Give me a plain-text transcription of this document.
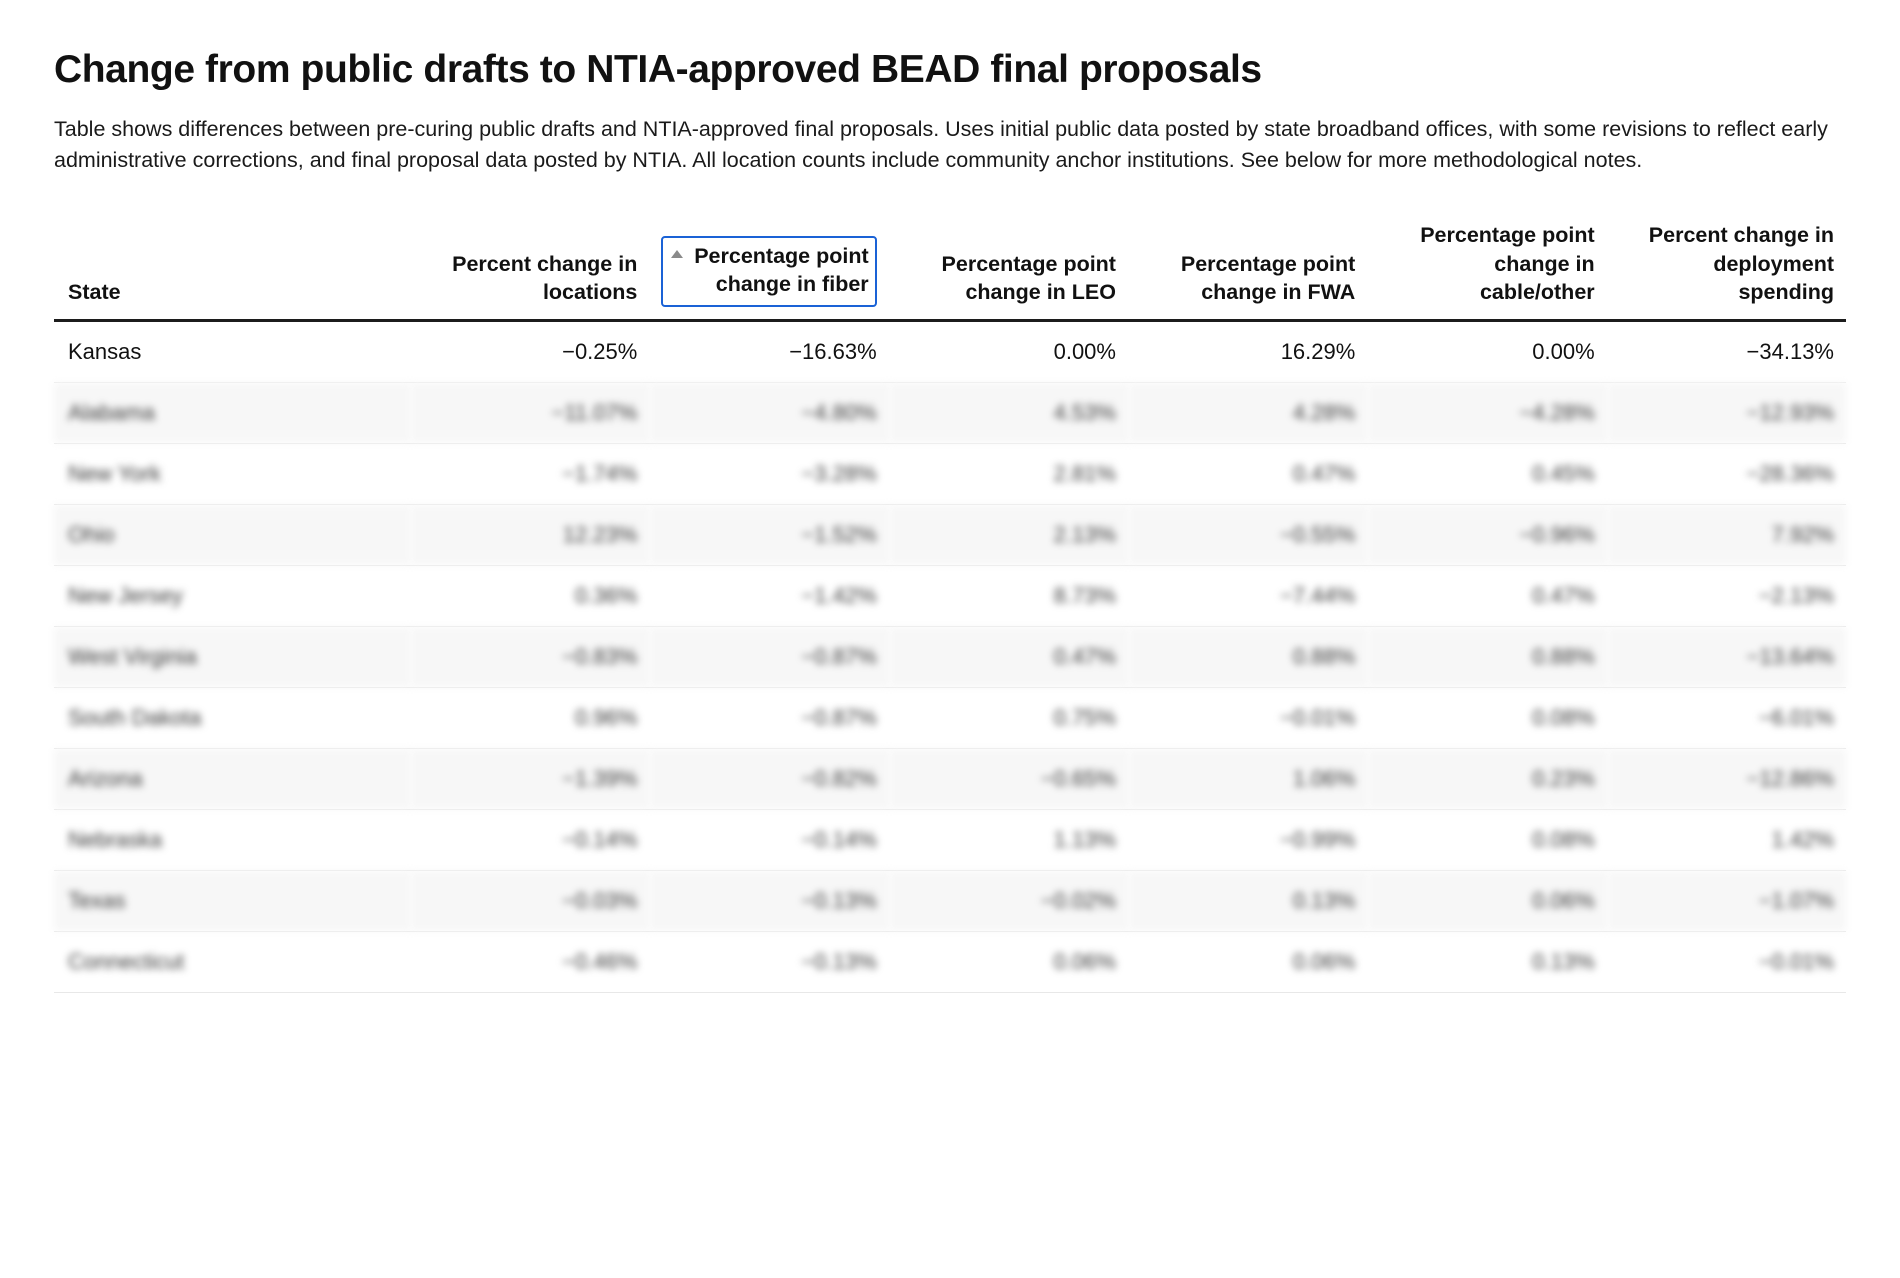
Change from public drafts to NTIA-approved BEAD final proposals

Table shows differences between pre-curing public drafts and NTIA-approved final proposals. Uses initial public data posted by state broadband offices, with some revisions to reflect early administrative corrections, and final proposal data posted by NTIA. All location counts include community anchor institutions. See below for more methodological notes.

State	Percent change in locations	Percentage point change in fiber	Percentage point change in LEO	Percentage point change in FWA	Percentage point change in cable/other	Percent change in deployment spending
Kansas	−0.25%	−16.63%	0.00%	16.29%	0.00%	−34.13%
Alabama	−11.07%	−4.80%	4.53%	4.28%	−4.28%	−12.93%
New York	−1.74%	−3.28%	2.81%	0.47%	0.45%	−28.36%
Ohio	12.23%	−1.52%	2.13%	−0.55%	−0.96%	7.92%
New Jersey	0.36%	−1.42%	8.73%	−7.44%	0.47%	−2.13%
West Virginia	−0.83%	−0.87%	0.47%	0.88%	0.88%	−13.64%
South Dakota	0.96%	−0.87%	0.75%	−0.01%	0.08%	−6.01%
Arizona	−1.39%	−0.82%	−0.65%	1.06%	0.23%	−12.86%
Nebraska	−0.14%	−0.14%	1.13%	−0.99%	0.08%	1.42%
Texas	−0.03%	−0.13%	−0.02%	0.13%	0.06%	−1.07%
Connecticut	−0.46%	−0.13%	0.06%	0.06%	0.13%	−0.01%
